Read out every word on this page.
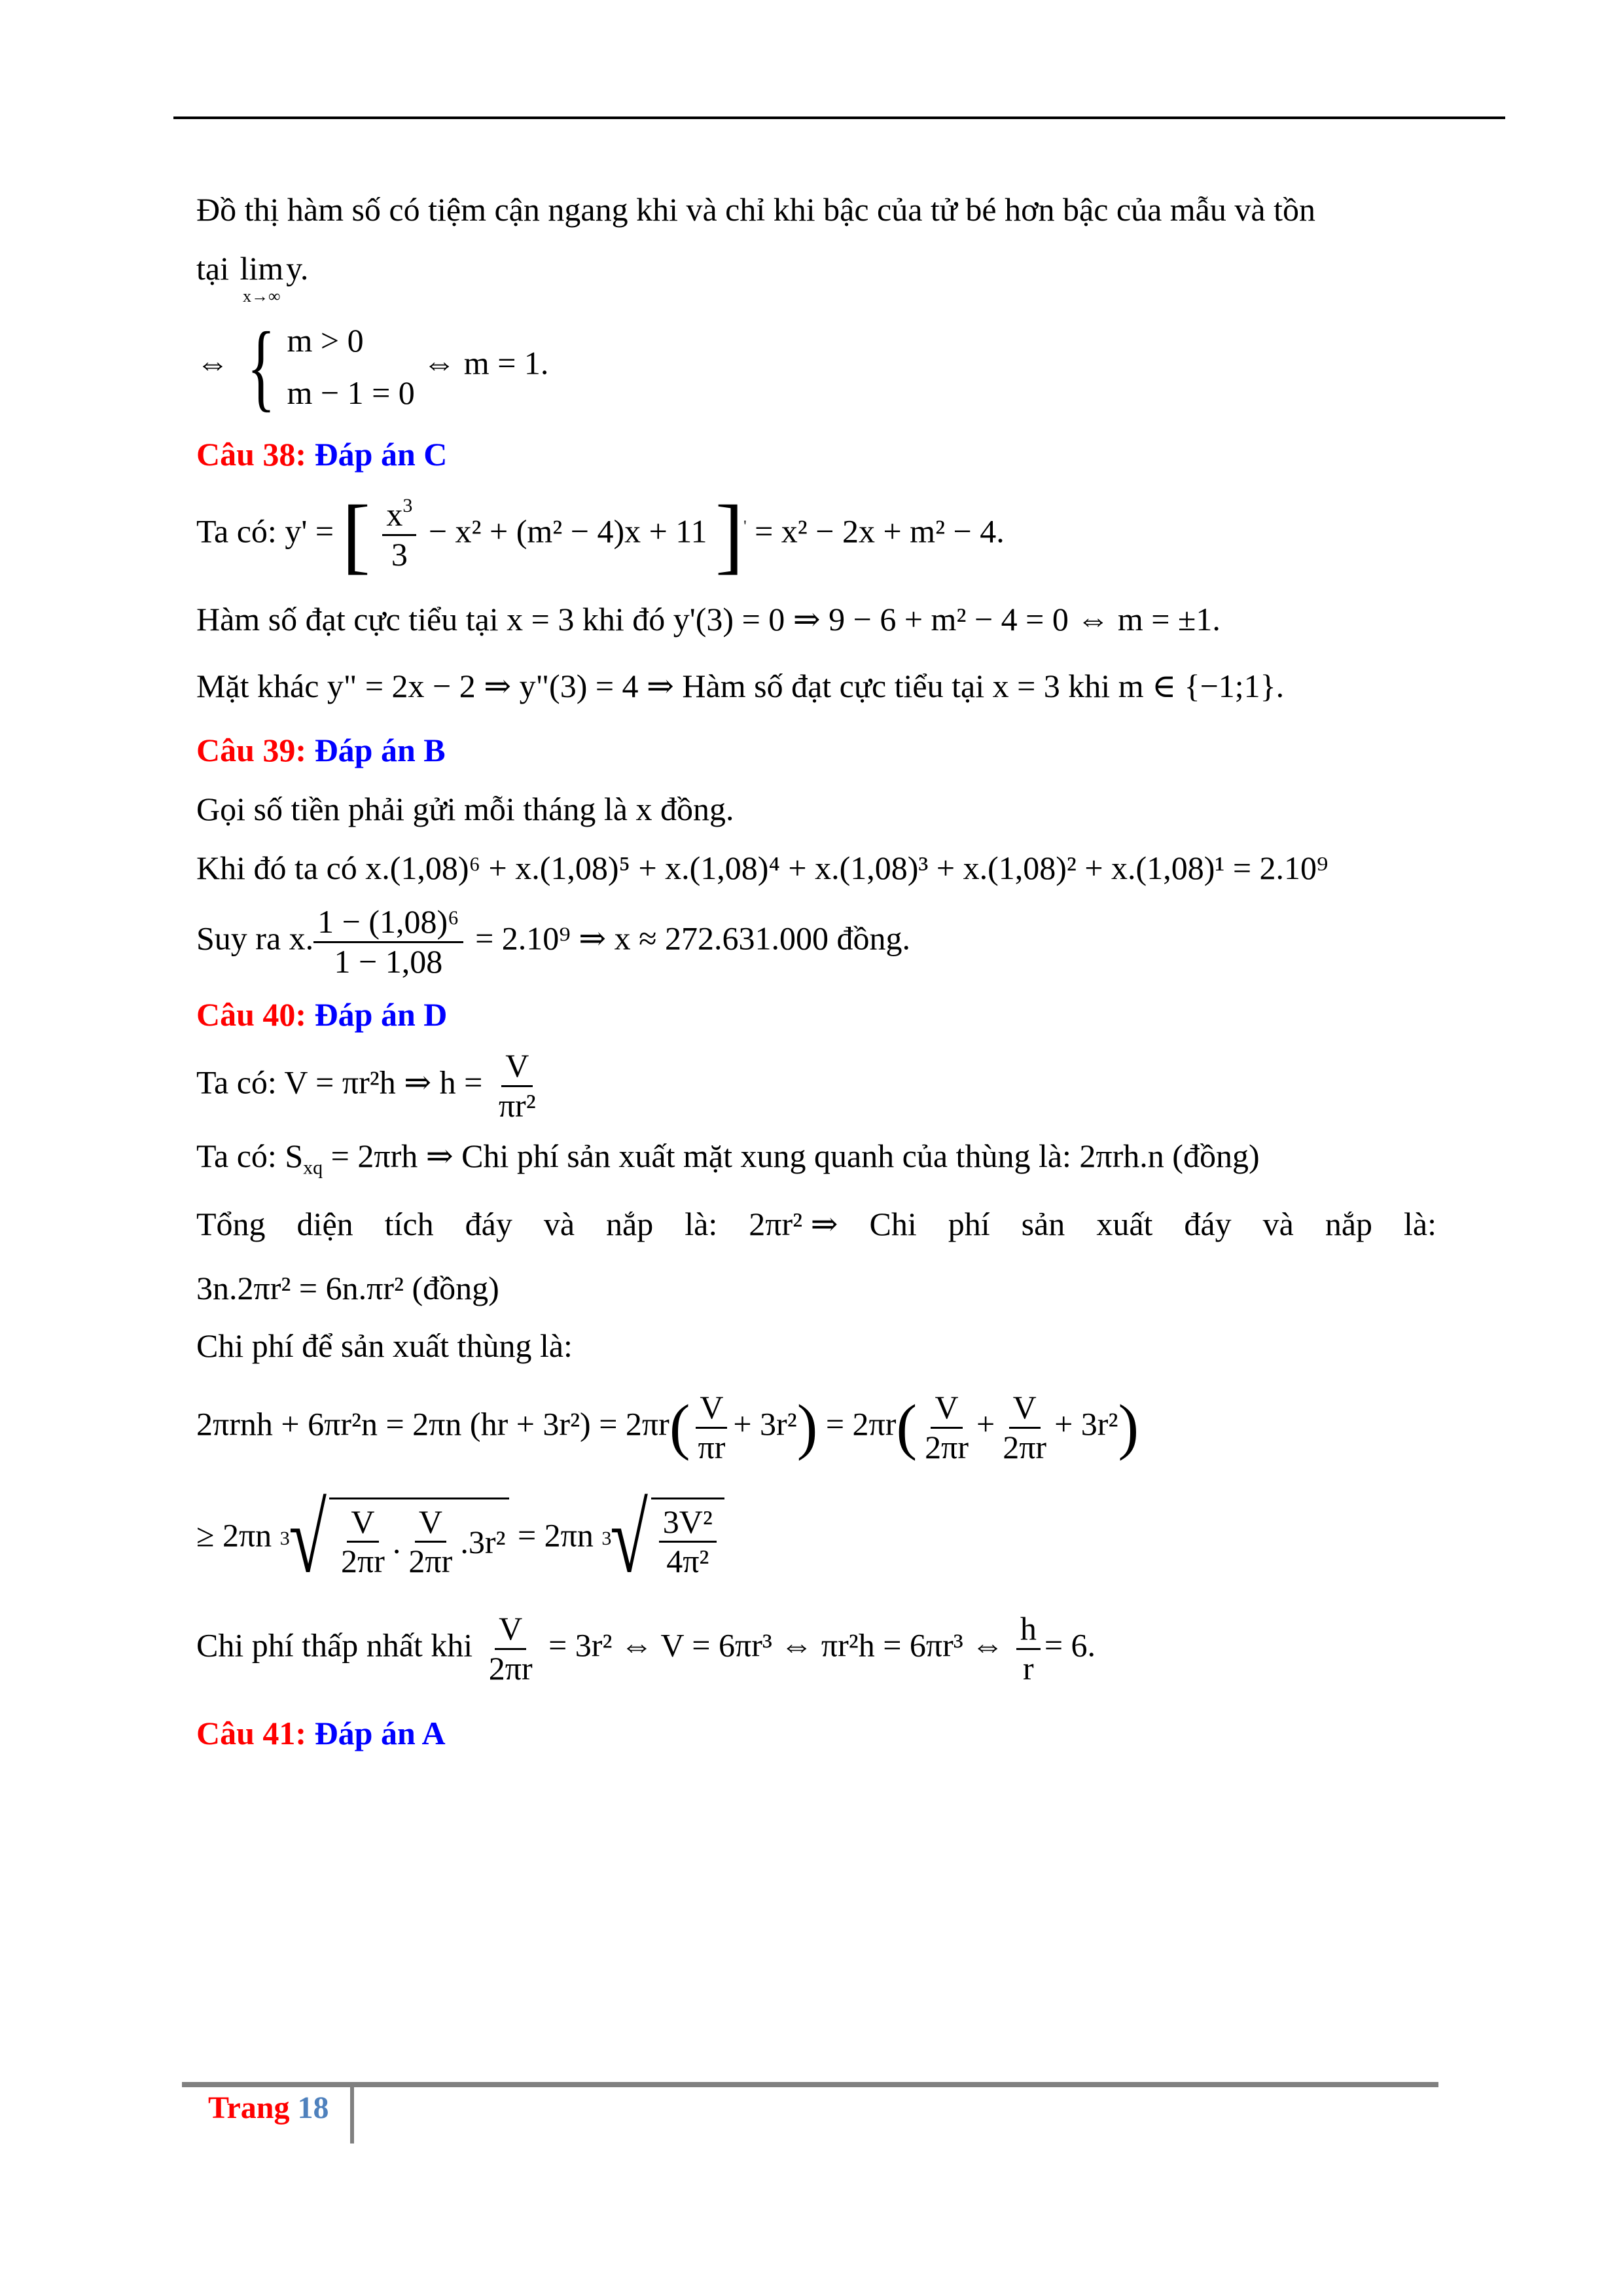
Đồ thị hàm số có tiệm cận ngang khi và chỉ khi bậc của tử bé hơn bậc của mẫu và tồn
tại lim
x→∞
y.
⇔ { m > 0
m − 1 = 0
⇔ m = 1.
Câu 38: Đáp án C
Ta có: y' = [ $\frac{x^3}{3} - x^2 + (m^2 - 4)x + 11$ ]' = x² − 2x + m² − 4.
Hàm số đạt cực tiểu tại x = 3 khi đó y'(3) = 0 ⇒ 9 − 6 + m² − 4 = 0 ⇔ m = ±1.
Mặt khác y" = 2x − 2 ⇒ y"(3) = 4 ⇒ Hàm số đạt cực tiểu tại x = 3 khi m ∈ {−1;1}.
Câu 39: Đáp án B
Gọi số tiền phải gửi mỗi tháng là x đồng.
Khi đó ta có x.(1,08)⁶ + x.(1,08)⁵ + x.(1,08)⁴ + x.(1,08)³ + x.(1,08)² + x.(1,08)¹ = 2.10⁹
Suy ra x. $\frac{\text{1 − (1,08)⁶}}{1 - 1,08} = 2.10^9$ ⇒ x ≈ 272.631.000 đồng.
Câu 40: Đáp án D
Ta có: V = πr²h ⇒ $h = \frac{V}{\text{πr²}}$
Ta có: $S_{xq} = 2\pi rh$ ⇒ Chi phí sản xuất mặt xung quanh của thùng là: 2πrh.n (đồng)
Tổng diện tích đáy và nắp là: 2πr² ⇒ Chi phí sản xuất đáy và nắp là:
3n.2πr² = 6n.πr² (đồng)
Chi phí để sản xuất thùng là:
2πrnh + 6πr²n = 2πn $(hr + 3r^2) = 2\pi r( \frac{V}{\pi r} + 3r^2) = 2\pi r( \frac{V}{2\pi r} + \frac{V}{2\pi r} + 3r^2)$
≥ 2πn 3
√ $\frac{V}{2\pi r}$ . $\frac{V}{2\pi r} .3r^2 = 2\pi n$ 3
√ $\frac{\text{3V²}}{\text{4π²}}$
Chi phí thấp nhất khi $\frac{V}{2\pi r} = 3r^2$ ⇔ V = 6πr³ ⇔ πr²h = 6πr³ ⇔ $\frac{h}{r} = 6$.
Câu 41: Đáp án A
Trang 18
